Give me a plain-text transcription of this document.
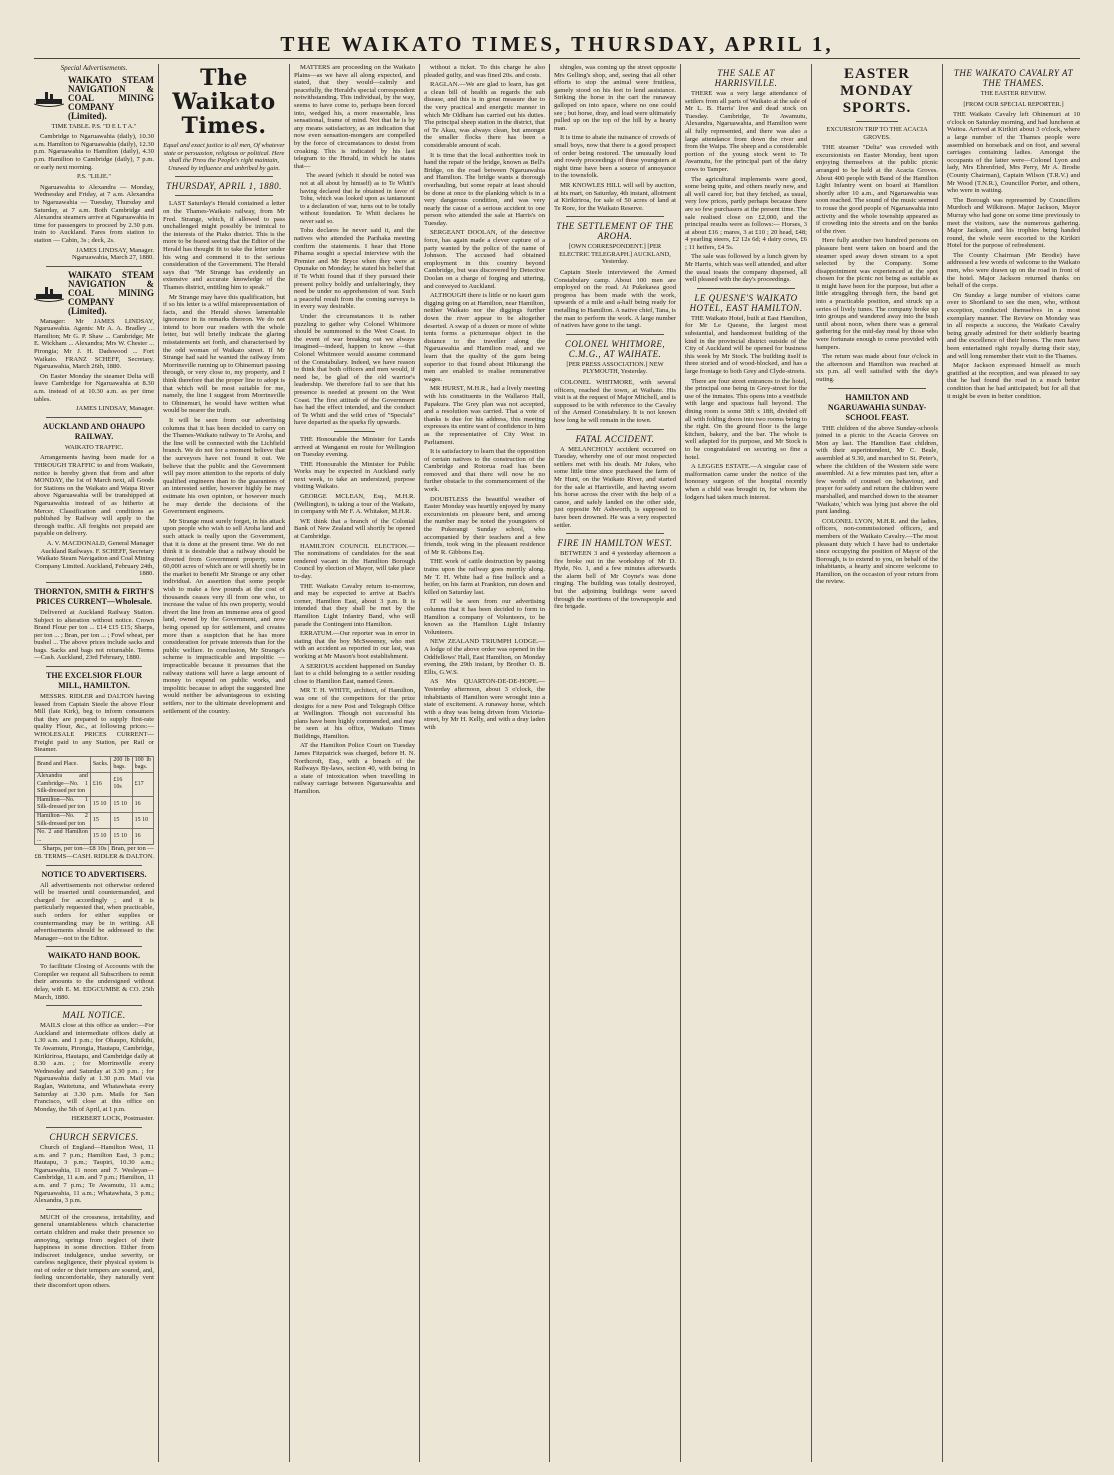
THE WAIKATO TIMES, THURSDAY, APRIL 1,

Special Advertisements.

WAIKATO STEAM NAVIGATION & COAL MINING COMPANY (Limited).

TIME TABLE. P.S. "D E L T A."

Cambridge to Ngaruawahia (daily), 10.30 a.m. Hamilton to Ngaruawahia (daily), 12.30 p.m. Ngaruawahia to Hamilton (daily), 4.30 p.m. Hamilton to Cambridge (daily), 7 p.m. or early next morning.

P.S. "LILIE."

Ngaruawahia to Alexandra — Monday, Wednesday and Friday, at 7 a.m. Alexandra to Ngaruawahia — Tuesday, Thursday and Saturday, at 7 a.m. Both Cambridge and Alexandra steamers arrive at Ngaruawahia in time for passengers to proceed by 2.30 p.m. train to Auckland. Fares from station to station — Cabin, 3s ; deck, 2s.

JAMES LINDSAY, Manager. Ngaruawahia, March 27, 1880.

WAIKATO STEAM NAVIGATION & COAL MINING COMPANY (Limited).

Manager: Mr JAMES LINDSAY, Ngaruawahia. Agents: Mr A. A. Bradley ... Hamilton; Mr G. P. Shaw ... Cambridge; Mr E. Wickham ... Alexandra; Mrs W. Chester ... Pirongia; Mr J. H. Dadswood ... Fort Waikato. FRANZ SCHEFF, Secretary. Ngaruawahia, March 26th, 1880.

On Easter Monday the steamer Delta will leave Cambridge for Ngaruawahia at 8.30 a.m. instead of at 10.30 a.m. as per time tables.

JAMES LINDSAY, Manager.

AUCKLAND AND OHAUPO RAILWAY.

WAIKATO TRAFFIC.

Arrangements having been made for a THROUGH TRAFFIC to and from Waikato, notice is hereby given that from and after MONDAY, the 1st of March next, all Goods for Stations on the Waikato and Waipa River above Ngaruawahia will be transhipped at Ngaruawahia instead of as hitherto at Mercer. Classification and conditions as published by Railway will apply to the through traffic. All freights not prepaid are payable on delivery.

A. V. MACDONALD, General Manager Auckland Railways. F. SCHEFF, Secretary Waikato Steam Navigation and Coal Mining Company Limited. Auckland, February 24th, 1880.

THORNTON, SMITH & FIRTH'S PRICES CURRENT—Wholesale.

Delivered at Auckland Railway Station. Subject to alteration without notice. Crown Brand Flour per ton ... £14 £15 £15; Sharps, per ton ... ; Bran, per ton ... ; Fowl wheat, per bushel ... The above prices include sacks and bags. Sacks and bags not returnable. Terms—Cash. Auckland, 23rd February, 1880.

THE EXCELSIOR FLOUR MILL, HAMILTON.

MESSRS. RIDLER and DALTON having leased from Captain Steele the above Flour Mill (late Kirk), beg to inform consumers that they are prepared to supply first-rate quality Flour, &c., at following prices:— WHOLESALE PRICES CURRENT— Freight paid to any Station, per Rail or Steamer.

Brand and Place.	Sacks.	200 lb bags.	100 lb bags.
Alexandra and Cambridge—No. 1 Silk-dressed per ton	£16	£16 10s	£17
Hamilton—No. 1 Silk-dressed per ton	15 10	15 10	16
Hamilton—No. 2 Silk-dressed per ton	15	15	15 10
No. 2 and Hamilton ...	15 10	15 10	16

Sharps, per ton—£8 10s | Bran, per ton — £8. TERMS—CASH. RIDLER & DALTON.

NOTICE TO ADVERTISERS.

All advertisements not otherwise ordered will be inserted until countermanded, and charged for accordingly ; and it is particularly requested that, when practicable, such orders for either supplies or countermanding may be in writing. All advertisements should be addressed to the Manager—not to the Editor.

WAIKATO HAND BOOK.

To facilitate Closing of Accounts with the Compiler we request all Subscribers to remit their amounts to the undersigned without delay, with E. M. EDGCUMBE & CO. 25th March, 1880.

MAIL NOTICE.

MAILS close at this office as under:—For Auckland and intermediate offices daily at 1.30 a.m. and 1 p.m.; for Ohaupo, Kihikihi, Te Awamutu, Pirongia, Hautapu, Cambridge, Kirikiriroa, Hautapu, and Cambridge daily at 8.30 a.m. ; for Morrinsville every Wednesday and Saturday at 3.30 p.m. ; for Ngaruawahia daily at 1.30 p.m. Mail via Raglan, Waitetuna, and Whatawhata every Saturday at 3.30 p.m. Mails for San Francisco, will close at this office on Monday, the 5th of April, at 1 p.m.

HERBERT LOCK, Postmaster.

CHURCH SERVICES.

Church of England—Hamilton West, 11 a.m. and 7 p.m.; Hamilton East, 3 p.m.; Hautapu, 3 p.m.; Taupiri, 10.30 a.m.; Ngaruawahia, 11 noon and 7. Wesleyan—Cambridge, 11 a.m. and 7 p.m.; Hamilton, 11 a.m. and 7 p.m.; Te Awamutu, 11 a.m.; Ngaruawahia, 11 a.m.; Whatawhata, 3 p.m.; Alexandra, 3 p.m.

MUCH of the crossness, irritability, and general unamiableness which characterise certain children and make their presence so annoying, springs from neglect of their happiness in some direction. Either from indiscreet indulgence, undue severity, or careless negligence, their physical system is out of order or their tempers are soured, and, feeling uncomfortable, they naturally vent their discomfort upon others.

The Waikato Times.

Equal and exact justice to all men, Of whatever state or persuasion, religious or political. Here shall the Press the People's right maintain, Unawed by influence and unbribed by gain.

THURSDAY, APRIL 1, 1880.

LAST Saturday's Herald contained a letter on the Thames-Waikato railway, from Mr Fred. Strange, which, if allowed to pass unchallenged might possibly be inimical to the interests of the Piako district. This is the more to be feared seeing that the Editor of the Herald has thought fit to take the letter under his wing and commend it to the serious consideration of the Government. The Herald says that "Mr Strange has evidently an extensive and accurate knowledge of the Thames district, entitling him to speak."

Mr Strange may have this qualification, but if so his letter is a wilful misrepresentation of facts, and the Herald shows lamentable ignorance in its remarks thereon. We do not intend to bore our readers with the whole letter, but will briefly indicate the glaring misstatements set forth, and characterised by the odd woman of Waikato street. If Mr Strange had said he wanted the railway from Morrinsville running up to Ohinemuri passing through, or very close to, my property, and I think therefore that the proper line to adopt is that which will be most suitable for me, namely, the line I suggest from Morrinsville to Ohinemuri, he would have written what would be nearer the truth.

It will be seen from our advertising columns that it has been decided to carry on the Thames-Waikato railway to Te Aroha, and the line will be connected with the Lichfield branch. We do not for a moment believe that the surveyors have not found it out. We believe that the public and the Government will pay more attention to the reports of duly qualified engineers than to the guarantees of an interested settler, however highly he may estimate his own opinion, or however much he may deride the decisions of the Government engineers.

Mr Strange must surely forget, in his attack upon people who wish to sell Aroha land and such attack is really upon the Government, that it is done at the present time. We do not think it is desirable that a railway should be diverted from Government property, some 60,000 acres of which are or will shortly be in the market to benefit Mr Strange or any other individual. An assertion that some people wish to make a few pounds at the cost of thousands ceases very ill from one who, to increase the value of his own property, would divert the line from an immense area of good land, owned by the Government, and now being opened up for settlement, and creates more than a suspicion that he has more consideration for private interests than for the public welfare. In conclusion, Mr Strange's scheme is impracticable and impolitic — impracticable because it presumes that the railway stations will have a large amount of money to expend on public works, and impolitic because to adopt the suggested line would neither be advantageous to existing settlers, nor to the ultimate development and settlement of the country.

MATTERS are proceeding on the Waikato Plains—as we have all along expected, and stated, that they would—calmly and peacefully, the Herald's special correspondent notwithstanding. This individual, by the way, seems to have come to, perhaps been forced into, wedged his, a more reasonable, less sensational, frame of mind. Not that he is by any means satisfactory, as an indication that now even sensation-mongers are compelled by the force of circumstances to desist from croaking. This is indicated by his last telegram to the Herald, in which he states that—

The award (which it should be noted was not at all about by himself) as to Te Whiti's having declared that he obtained in favor of Tohu, which was looked upon as tantamount to a declaration of war, turns out to be totally without foundation. Te Whiti declares he never said so.

Tohu declares he never said it, and the natives who attended the Parihaka meeting confirm the statements. I hear that Hone Pihama sought a special interview with the Premier and Mr Bryce when they were at Opunake on Monday; he stated his belief that if Te Whiti found that if they pursued their present policy boldly and unfalteringly, they need be under no apprehension of war. Such a peaceful result from the coming surveys is in every way desirable.

Under the circumstances it is rather puzzling to gather why Colonel Whitmore should be summoned to the West Coast. In the event of war breaking out we always imagined—indeed, happen to know —that Colonel Whitmore would assume command of the Constabulary. Indeed, we have reason to think that both officers and men would, if need be, be glad of the old warrior's leadership. We therefore fail to see that his presence is needed at present on the West Coast. The first attitude of the Government has had the effect intended, and the conduct of Te Whiti and the wild cries of "Specials" have departed as the sparks fly upwards.

THE Honourable the Minister for Lands arrived at Wanganui en route for Wellington on Tuesday evening.

THE Honourable the Minister for Public Works may be expected in Auckland early next week, to take an undersized, purpose visiting Waikato.

GEORGE MCLEAN, Esq., M.H.R. (Wellington), is taking a tour of the Waikato, in company with Mr F. A. Whitaker, M.H.R.

WE think that a branch of the Colonial Bank of New Zealand will shortly be opened at Cambridge.

HAMILTON COUNCIL ELECTION.—The nominations of candidates for the seat rendered vacant in the Hamilton Borough Council by election of Mayor, will take place to-day.

THE Waikato Cavalry return to-morrow, and may be expected to arrive at Bach's corner, Hamilton East, about 3 p.m. It is intended that they shall be met by the Hamilton Light Infantry Band, who will parade the Contingent into Hamilton.

ERRATUM.—Our reporter was in error in stating that the boy McSweeney, who met with an accident as reported in our last, was working at Mr Mason's boot establishment.

A SERIOUS accident happened on Sunday last to a child belonging to a settler residing close to Hamilton East, named Green.

MR T. H. WHITE, architect, of Hamilton, was one of the competitors for the prize designs for a new Post and Telegraph Office at Wellington. Though not successful his plans have been highly commended, and may be seen at his office, Waikato Times Buildings, Hamilton.

AT the Hamilton Police Court on Tuesday James Fitzpatrick was charged, before H. N. Northcroft, Esq., with a breach of the Railways By-laws, section 40, with being in a state of intoxication when travelling in railway carriage between Ngaruawahia and Hamilton.

without a ticket. To this charge he also pleaded guilty, and was fined 20s. and costs.

RAGLAN.—We are glad to learn, has got a clean bill of health as regards the sub disease, and this is in great measure due to the very practical and energetic manner in which Mr Oldham has carried out his duties. The principal sheep station in the district, that of Te Akau, was always clean, but amongst the smaller flocks there has been a considerable amount of scab.

It is time that the local authorities took in hand the repair of the bridge, known as Bell's Bridge, on the road between Ngaruawahia and Hamilton. The bridge wants a thorough overhauling, but some repair at least should be done at once to the planking which is in a very dangerous condition, and was very nearly the cause of a serious accident to one person who attended the sale at Harris's on Tuesday.

SERGEANT DOOLAN, of the detective force, has again made a clever capture of a party wanted by the police of the name of Johnson. The accused had obtained employment in this country beyond Cambridge, but was discovered by Detective Doolan on a charge of forging and uttering, and conveyed to Auckland.

ALTHOUGH there is little or no kauri gum digging going on at Hamilton, near Hamilton, neither Waikato nor the diggings further down the river appear to be altogether deserted. A swap of a dozen or more of white tents forms a picturesque object in the distance to the traveller along the Ngaruawahia and Hamilton road, and we learn that the quality of the gum being superior to that found about Hikurangi the men are enabled to realise remunerative wages.

MR HURST, M.H.R., had a lively meeting with his constituents in the Wallaroo Hall, Papakura. The Grey plan was not accepted, and a resolution was carried. That a vote of thanks is due for his address, this meeting expresses its entire want of confidence in him as the representative of City West in Parliament.

It is satisfactory to learn that the opposition of certain natives to the construction of the Cambridge and Rotorua road has been removed and that there will now be no further obstacle to the commencement of the work.

DOUBTLESS the beautiful weather of Easter Monday was heartily enjoyed by many excursionists on pleasure bent, and among the number may be noted the youngsters of the Pukerangi Sunday school, who accompanied by their teachers and a few friends, took wing in the pleasant residence of Mr R. Gibbons Esq.

THE work of cattle destruction by passing trains upon the railway goes merrily along. Mr T. H. White had a fine bullock and a heifer, on his farm at Frankton, run down and killed on Saturday last.

IT will be seen from our advertising columns that it has been decided to form in Hamilton a company of Volunteers, to be known as the Hamilton Light Infantry Volunteers.

NEW ZEALAND TRIUMPH LODGE.—A lodge of the above order was opened in the Oddfellows' Hall, East Hamilton, on Monday evening, the 29th instant, by Brother O. B. Ellis, G.W.S.

AS Mrs QUARTON-DE-DE-HOPE.—Yesterday afternoon, about 3 o'clock, the inhabitants of Hamilton were wrought into a state of excitement. A runaway horse, which with a dray was being driven from Victoria-street, by Mr H. Kelly, and with a dray laden with

shingles, was coming up the street opposite Mrs Gelling's shop, and, seeing that all other efforts to stop the animal were fruitless, gamely stood on his feet to lend assistance. Striking the horse in the cart the runaway galloped on into space, where no one could see ; but horse, dray, and load were ultimately pulled up on the top of the hill by a hearty man.

It is time to abate the nuisance of crowds of small boys, now that there is a good prospect of order being restored. The unusually loud and rowdy proceedings of these youngsters at night time have been a source of annoyance to the townsfolk.

MR KNOWLES HILL will sell by auction, at his mart, on Saturday, 4th instant, allotment at Kirikiriroa, for sale of 50 acres of land at Te Rore, for the Waikato Reserve.

THE SETTLEMENT OF THE AROHA.

[OWN CORRESPONDENT.] [PER ELECTRIC TELEGRAPH.] AUCKLAND, Yesterday.

Captain Steele interviewed the Armed Constabulary camp. About 100 men are employed on the road. At Pukekawa good progress has been made with the work, upwards of a mile and a-half being ready for metalling to Hamilton. A native chief, Tana, is the man to perform the work. A large number of natives have gone to the tangi.

COLONEL WHITMORE, C.M.G., AT WAIHATE.

[PER PRESS ASSOCIATION.] NEW PLYMOUTH, Yesterday.

COLONEL WHITMORE, with several officers, reached the town, at Waihate. His visit is at the request of Major Mitchell, and is supposed to be with reference to the Cavalry of the Armed Constabulary. It is not known how long he will remain in the town.

FATAL ACCIDENT.

A MELANCHOLY accident occurred on Tuesday, whereby one of our most respected settlers met with his death. Mr Jukes, who some little time since purchased the farm of Mr Hunt, on the Waikato River, and started for the sale at Harrisville, and having sworn his horse across the river with the help of a canoe, and safely landed on the other side, just opposite Mr Ashworth, is supposed to have been drowned. He was a very respected settler.

FIRE IN HAMILTON WEST.

BETWEEN 3 and 4 yesterday afternoon a fire broke out in the workshop of Mr D. Hyde, No. 1, and a few minutes afterwards the alarm bell of Mr Coyne's was done ringing. The building was totally destroyed, but the adjoining buildings were saved through the exertions of the townspeople and fire brigade.

THE SALE AT HARRISVILLE.

THERE was a very large attendance of settlers from all parts of Waikato at the sale of Mr L. B. Harris' live and dead stock on Tuesday. Cambridge, Te Awamutu, Alexandra, Ngaruawahia, and Hamilton were all fully represented, and there was also a large attendance from down the river and from the Waipa. The sheep and a considerable portion of the young stock went to Te Awamutu, for the principal part of the dairy cows to Tamper.

The agricultural implements were good, some being quite, and others nearly new, and all well cared for; but they fetched, as usual, very low prices, partly perhaps because there are so few purchasers at the present time. The sale realised close on £2,000, and the principal results were as follows:— Horses, 3 at about £16 ; mares, 3 at £10 ; 20 head, £48; 4 yearling steers, £2 12s 6d; 4 dairy cows, £6 ; 11 heifers, £4 5s.

The sale was followed by a lunch given by Mr Harris, which was well attended, and after the usual toasts the company dispersed, all well pleased with the day's proceedings.

LE QUESNE'S WAIKATO HOTEL, EAST HAMILTON.

THE Waikato Hotel, built at East Hamilton, for Mr Le Quesne, the largest most substantial, and handsomest building of the kind in the provincial district outside of the City of Auckland will be opened for business this week by Mr Stock. The building itself is three storied and of wood-blocked, and has a large frontage to both Grey and Clyde-streets.

There are four street entrances to the hotel, the principal one being in Grey-street for the use of the inmates. This opens into a vestibule with large and spacious hall beyond. The dining room is some 38ft x 18ft, divided off all with folding doors into two rooms being to the right. On the ground floor is the large kitchen, bakery, and the bar. The whole is well adapted for its purpose, and Mr Stock is to be congratulated on securing so fine a hotel.

A LEGGES ESTATE.—A singular case of malformation came under the notice of the honorary surgeon of the hospital recently when a child was brought in, for whom the lodgers had taken much interest.

EASTER MONDAY SPORTS.

EXCURSION TRIP TO THE ACACIA GROVES.

THE steamer "Delta" was crowded with excursionists on Easter Monday, bent upon enjoying themselves at the public picnic arranged to be held at the Acacia Groves. About 400 people with Band of the Hamilton Light Infantry went on board at Hamilton shortly after 10 a.m., and Ngaruawahia was soon reached. The sound of the music seemed to rouse the good people of Ngaruawahia into activity and the whole township appeared as if crowding into the streets and on the banks of the river.

Here fully another two hundred persons on pleasure bent were taken on board and the steamer sped away down stream to a spot selected by the Company. Some disappointment was experienced at the spot chosen for the picnic not being as suitable as it might have been for the purpose, but after a little struggling through fern, the band got into a practicable position, and struck up a series of lively tunes. The company broke up into groups and wandered away into the bush until about noon, when there was a general gathering for the mid-day meal by those who were fortunate enough to come provided with hampers.

The return was made about four o'clock in the afternoon and Hamilton was reached at six p.m. all well satisfied with the day's outing.

HAMILTON AND NGARUAWAHIA SUNDAY-SCHOOL FEAST.

THE children of the above Sunday-schools joined in a picnic to the Acacia Groves on Mon ay last. The Hamilton East children, with their superintendent, Mr C. Beale, assembled at 9.30, and marched to St. Peter's, where the children of the Western side were assembled. At a few minutes past ten, after a few words of counsel on behaviour, and prayer for safety and return the children were marshalled, and marched down to the steamer 'Waikato,' which was lying just above the old punt landing.

COLONEL LYON, M.H.R. and the ladies, officers, non-commissioned officers, and members of the Waikato Cavalry.—The most pleasant duty which I have had to undertake since occupying the position of Mayor of the Borough, is to extend to you, on behalf of the inhabitants, a hearty and sincere welcome to Hamilton, on the occasion of your return from the review.

THE WAIKATO CAVALRY AT THE THAMES.

THE EASTER REVIEW.

[FROM OUR SPECIAL REPORTER.]

THE Waikato Cavalry left Ohinemuri at 10 o'clock on Saturday morning, and had luncheon at Waitoa. Arrived at Kirikiri about 3 o'clock, where a large number of the Thames people were assembled on horseback and on foot, and several carriages containing ladies. Amongst the occupants of the latter were—Colonel Lyon and lady, Mrs Ehrenfried, Mrs Perry, Mr A. Brodie (County Chairman), Captain Wilson (T.R.V.) and Mr Wood (T.N.R.), Councillor Porter, and others, who were in waiting.

The Borough was represented by Councillors Murdoch and Wilkinson. Major Jackson, Mayor Murray who had gone on some time previously to meet the visitors, saw the numerous gathering. Major Jackson, and his trophies being handed round, the whole were escorted to the Kirikiri Hotel for the purpose of refreshment.

The County Chairman (Mr Brodie) have addressed a few words of welcome to the Waikato men, who were drawn up on the road in front of the hotel. Major Jackson returned thanks on behalf of the corps.

On Sunday a large number of visitors came over to Shortland to see the men, who, without exception, conducted themselves in a most exemplary manner. The Review on Monday was in all respects a success, the Waikato Cavalry being greatly admired for their soldierly bearing and the excellence of their horses. The men have been entertained right royally during their stay, and will long remember their visit to the Thames.

Major Jackson expressed himself as much gratified at the reception, and was pleased to say that he had found the road in a much better condition than he had anticipated; but for all that it might be even in better condition.
